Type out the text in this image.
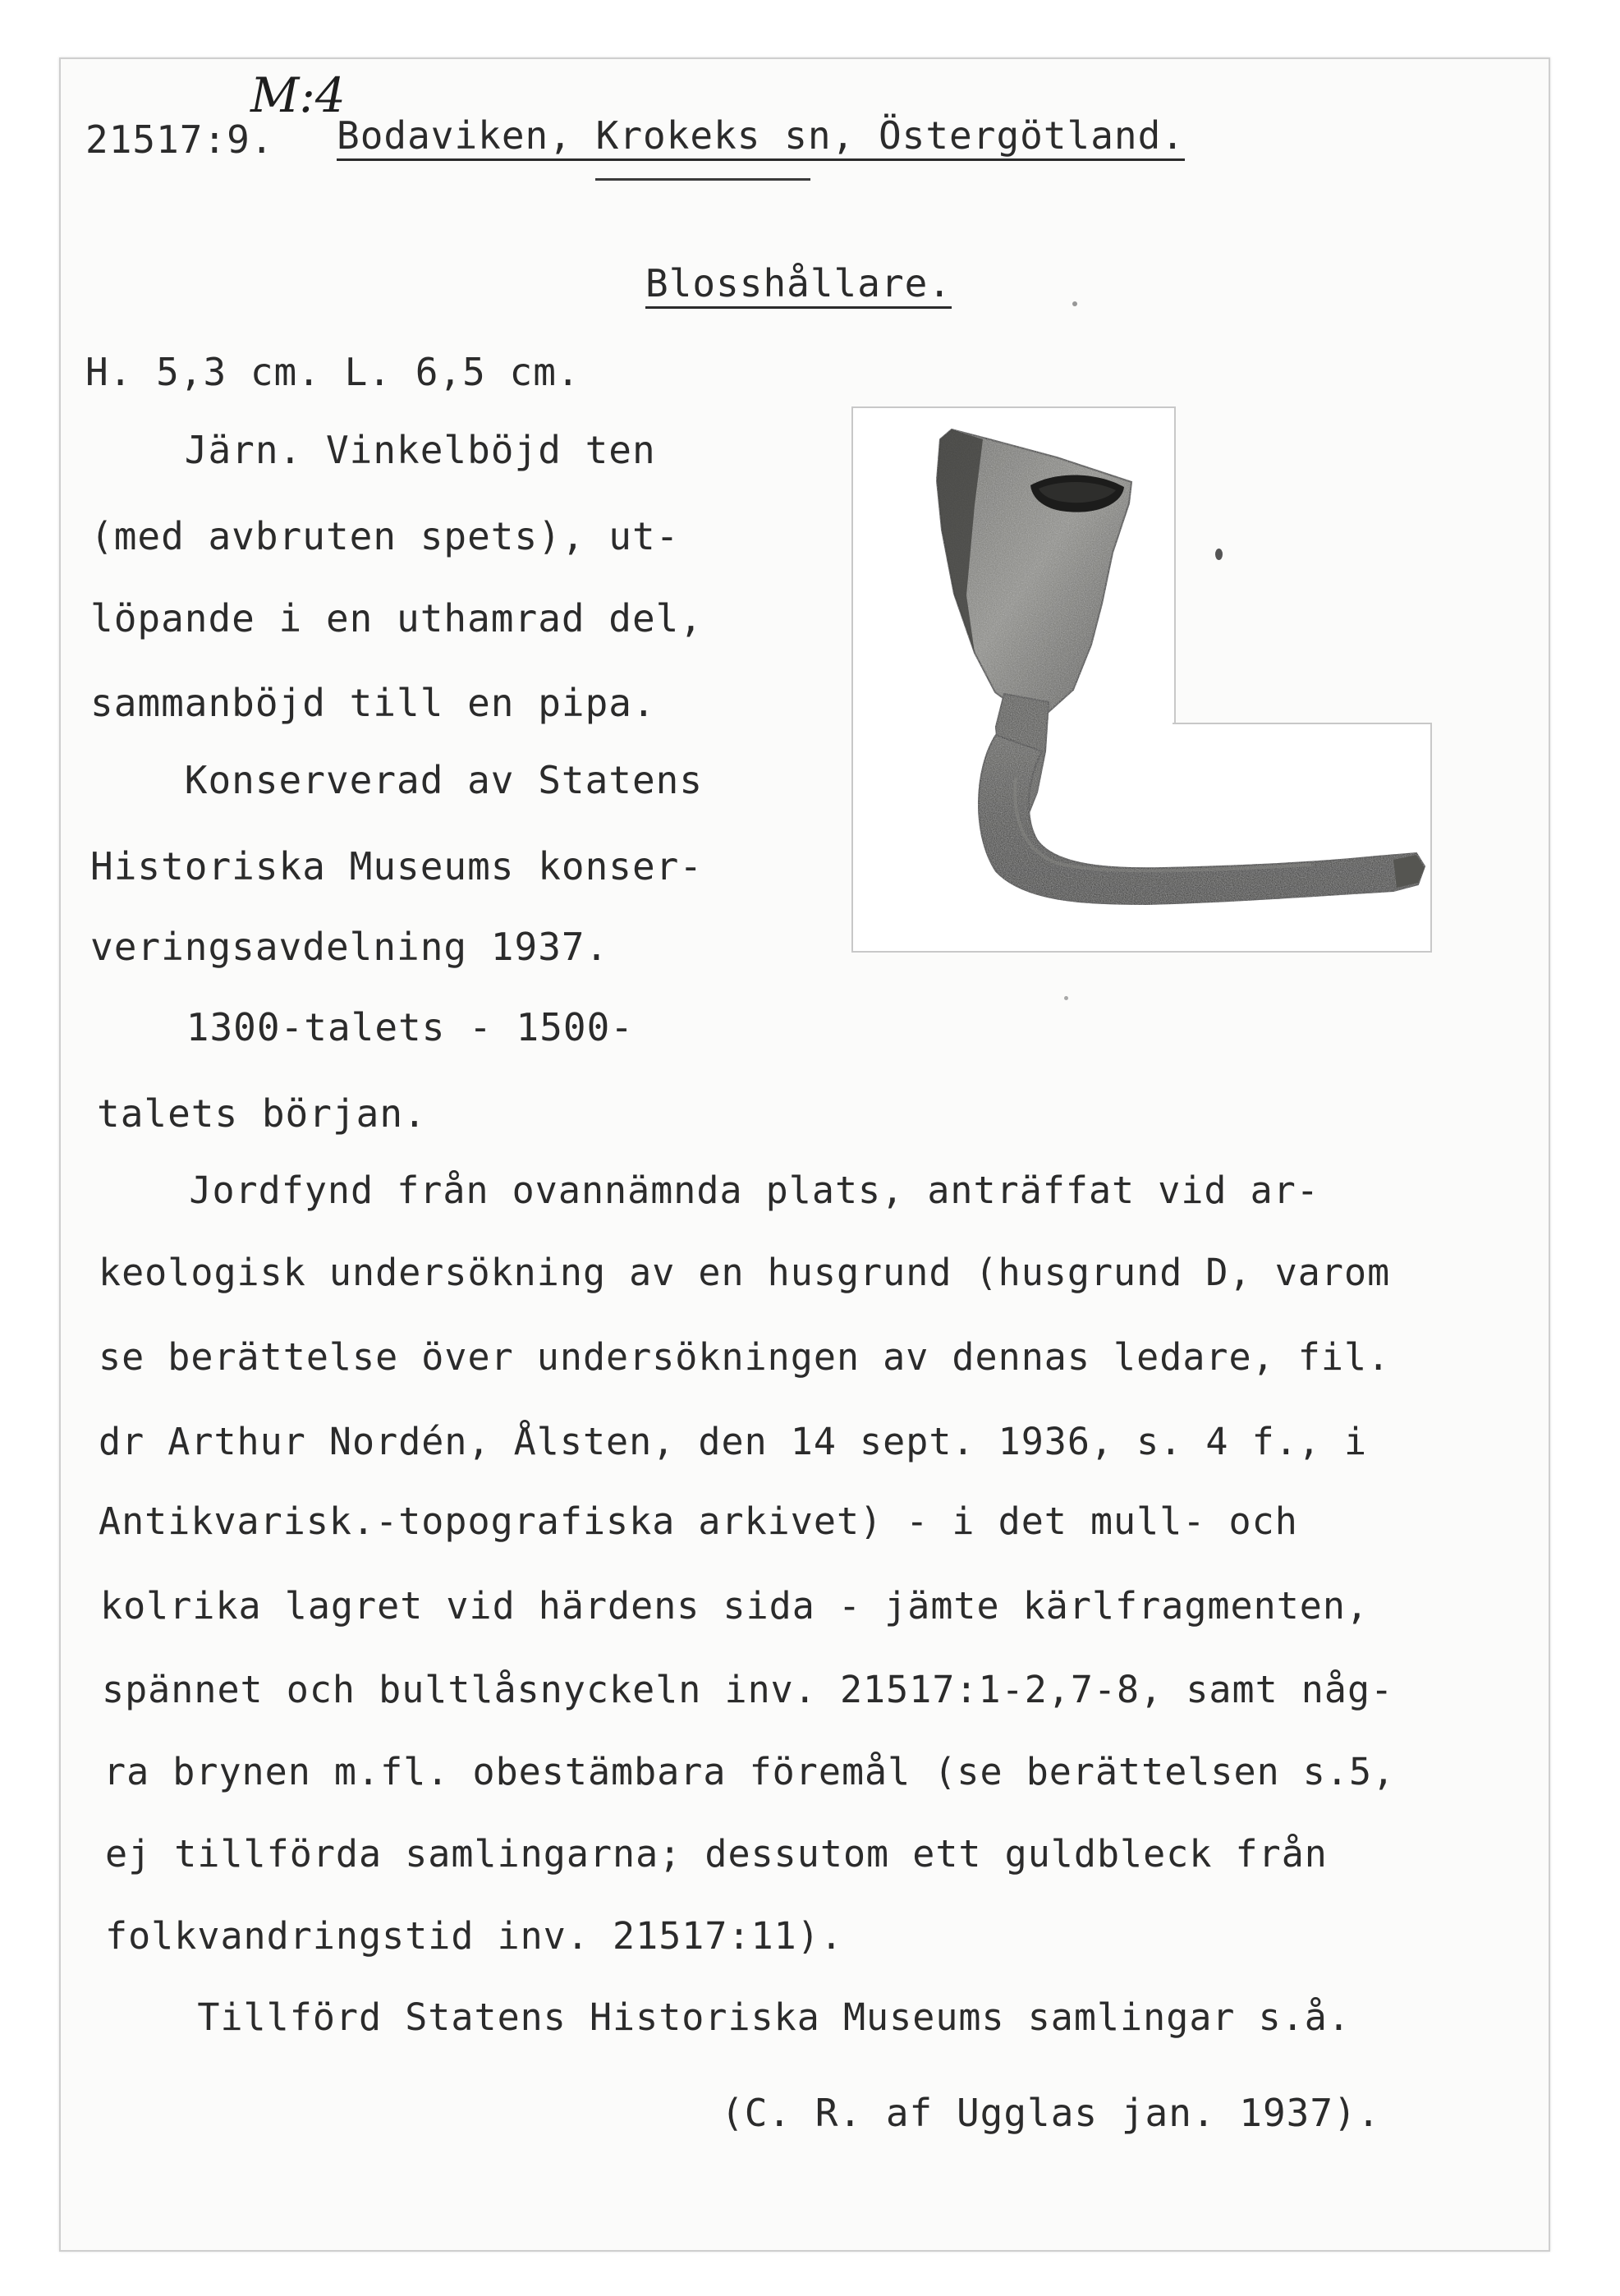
M:4
21517:9. Bodaviken, Krokeks sn, Östergötland.
Blosshållare.
H. 5,3 cm. L. 6,5 cm.
Järn. Vinkelböjd ten
(med avbruten spets), ut-
löpande i en uthamrad del,
sammanböjd till en pipa.
Konserverad av Statens
Historiska Museums konser-
veringsavdelning 1937.
1300-talets - 1500-
talets början.
Jordfynd från ovannämnda plats, anträffat vid ar-
keologisk undersökning av en husgrund (husgrund D, varom
se berättelse över undersökningen av dennas ledare, fil.
dr Arthur Nordén, Ålsten, den 14 sept. 1936, s. 4 f., i
Antikvarisk.-topografiska arkivet) - i det mull- och
kolrika lagret vid härdens sida - jämte kärlfragmenten,
spännet och bultlåsnyckeln inv. 21517:1-2,7-8, samt någ-
ra brynen m.fl. obestämbara föremål (se berättelsen s.5,
ej tillförda samlingarna; dessutom ett guldbleck från
folkvandringstid inv. 21517:11).
Tillförd Statens Historiska Museums samlingar s.å.
(C. R. af Ugglas jan. 1937).
